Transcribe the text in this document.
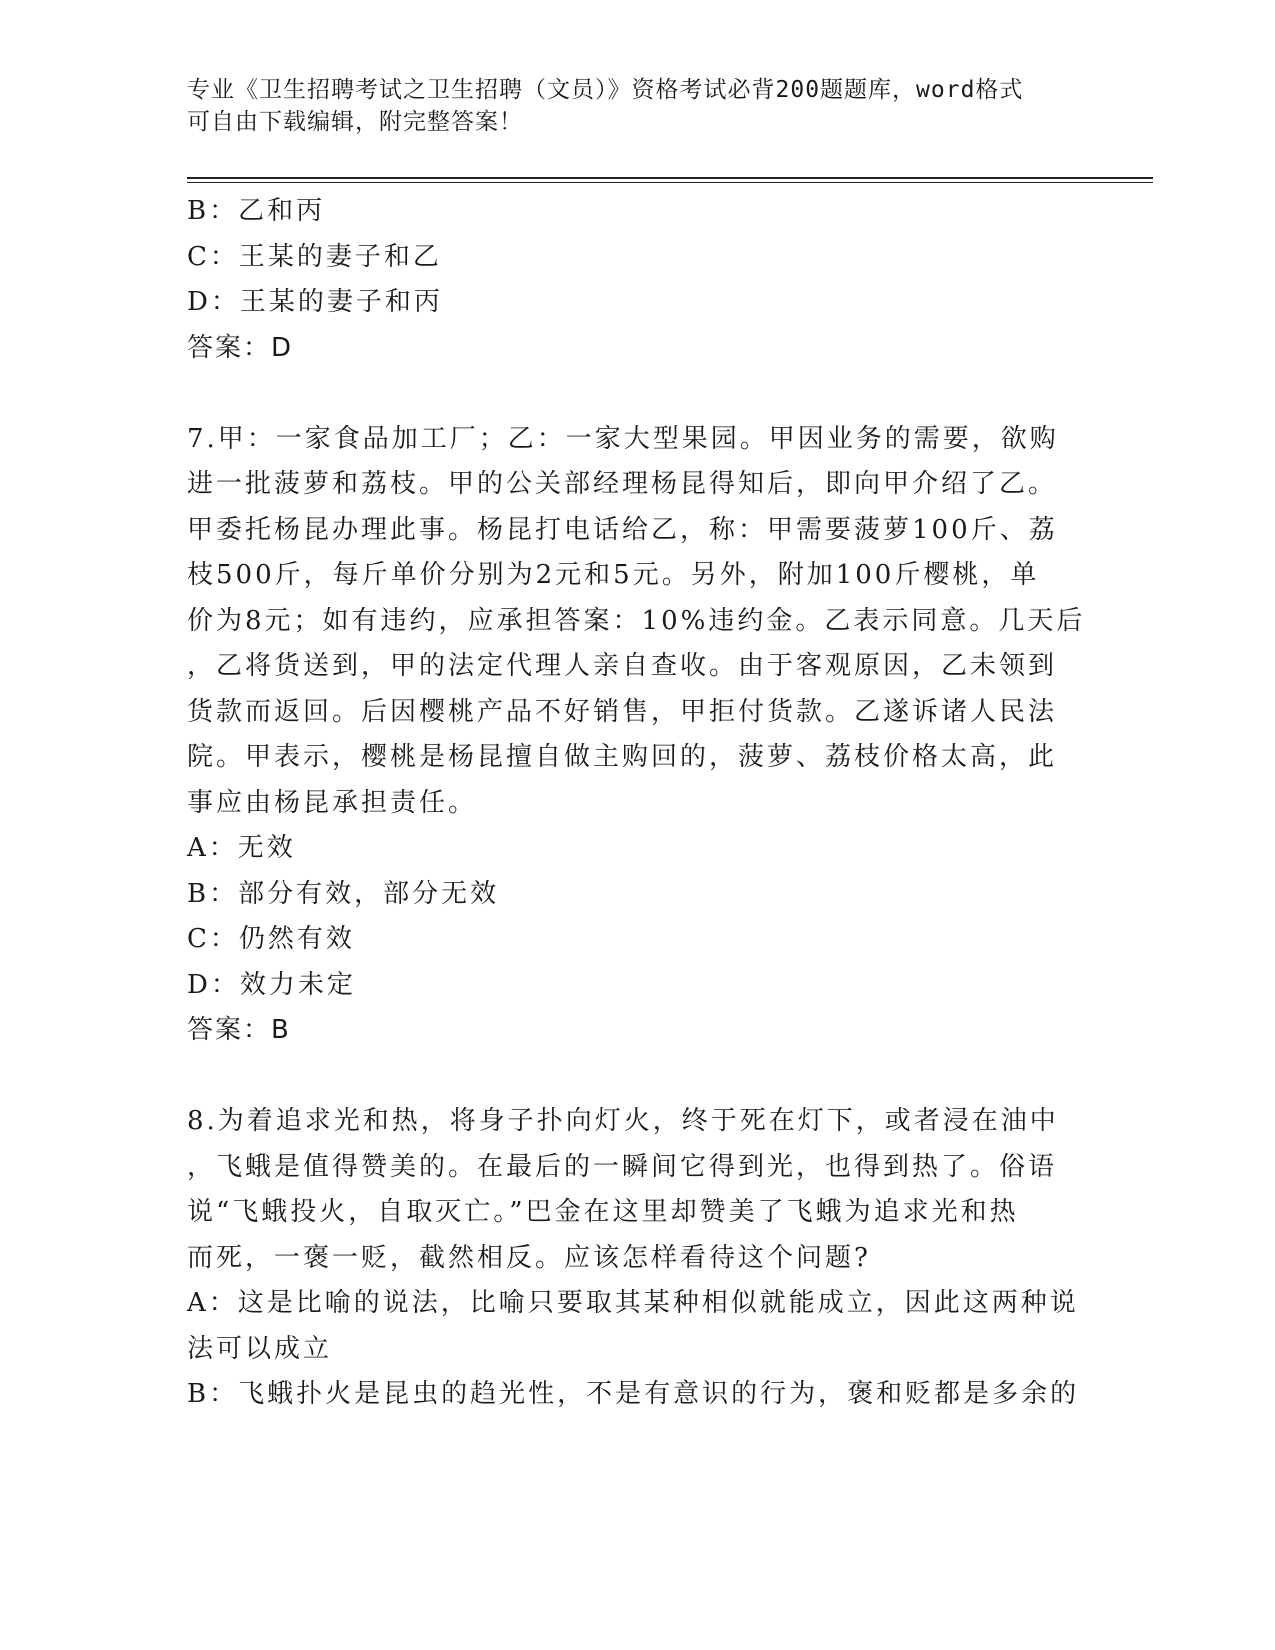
专业《卫生招聘考试之卫生招聘（文员）》资格考试必背200题题库，word格式
可自由下载编辑，附完整答案！
B：乙和丙
C：王某的妻子和乙
D：王某的妻子和丙
答案：D
7.甲：一家食品加工厂；乙：一家大型果园。甲因业务的需要，欲购
进一批菠萝和荔枝。甲的公关部经理杨昆得知后，即向甲介绍了乙。
甲委托杨昆办理此事。杨昆打电话给乙，称：甲需要菠萝100斤、荔
枝500斤，每斤单价分别为2元和5元。另外，附加100斤樱桃，单
价为8元；如有违约，应承担答案：10%违约金。乙表示同意。几天后
，乙将货送到，甲的法定代理人亲自查收。由于客观原因，乙未领到
货款而返回。后因樱桃产品不好销售，甲拒付货款。乙遂诉诸人民法
院。甲表示，樱桃是杨昆擅自做主购回的，菠萝、荔枝价格太高，此
事应由杨昆承担责任。
A：无效
B：部分有效，部分无效
C：仍然有效
D：效力未定
答案：B
8.为着追求光和热，将身子扑向灯火，终于死在灯下，或者浸在油中
，飞蛾是值得赞美的。在最后的一瞬间它得到光，也得到热了。俗语
说“飞蛾投火，自取灭亡。”巴金在这里却赞美了飞蛾为追求光和热
而死，一褒一贬，截然相反。应该怎样看待这个问题?
A：这是比喻的说法，比喻只要取其某种相似就能成立，因此这两种说
法可以成立
B：飞蛾扑火是昆虫的趋光性，不是有意识的行为，褒和贬都是多余的
